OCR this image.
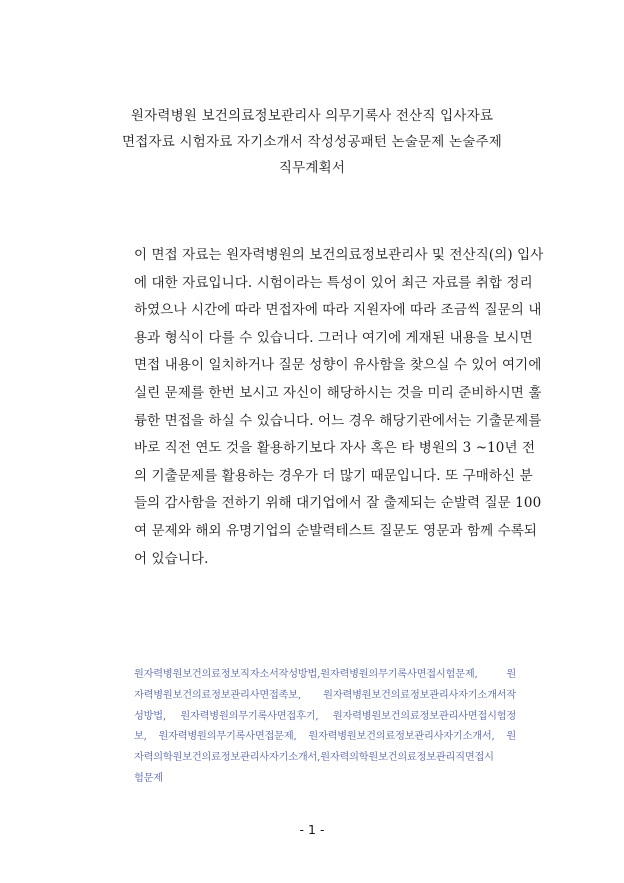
원자력병원 보건의료정보관리사 의무기록사 전산직 입사자료
면접자료 시험자료 자기소개서 작성성공패턴 논술문제 논술주제
직무계획서
이 면접 자료는 원자력병원의 보건의료정보관리사 및 전산직(의) 입사
에 대한 자료입니다. 시험이라는 특성이 있어 최근 자료를 취합 정리
하였으나 시간에 따라 면접자에 따라 지원자에 따라 조금씩 질문의 내
용과 형식이 다를 수 있습니다. 그러나 여기에 게재된 내용을 보시면
면접 내용이 일치하거나 질문 성향이 유사함을 찾으실 수 있어 여기에
실린 문제를 한번 보시고 자신이 해당하시는 것을 미리 준비하시면 훌
륭한 면접을 하실 수 있습니다. 어느 경우 해당기관에서는 기출문제를
바로 직전 연도 것을 활용하기보다 자사 혹은 타 병원의 3 ~10년 전
의 기출문제를 활용하는 경우가 더 많기 때문입니다. 또 구매하신 분
들의 감사함을 전하기 위해 대기업에서 잘 출제되는 순발력 질문 100
여 문제와 해외 유명기업의 순발력테스트 질문도 영문과 함께 수록되
어 있습니다.
원자력병원보건의료정보직자소서작성방법,원자력병원의무기록사면접시험문제, 원
자력병원보건의료정보관리사면접족보, 원자력병원보건의료정보관리사자기소개서작
성방법, 원자력병원의무기록사면접후기, 원자력병원보건의료정보관리사면접시험정
보, 원자력병원의무기록사면접문제, 원자력병원보건의료정보관리사자기소개서, 원
자력의학원보건의료정보관리사자기소개서,원자력의학원보건의료정보관리직면접시
험문제
- 1 -
